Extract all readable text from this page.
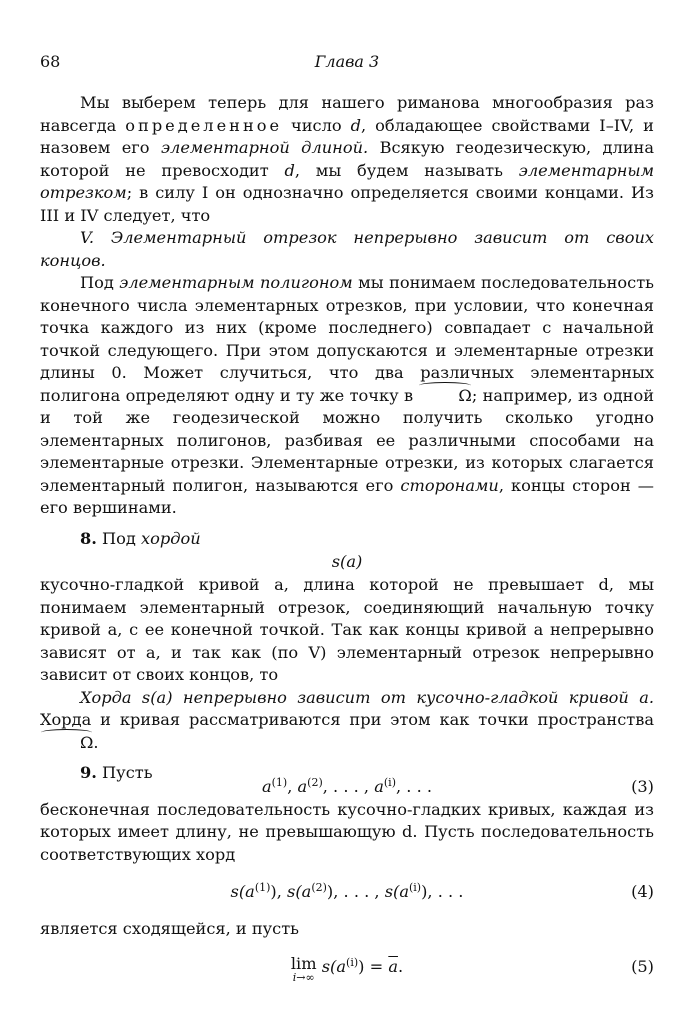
68	Глава 3

Мы выберем теперь для нашего риманова многообразия раз навсегда определенное число d, обладающее свойствами I–IV, и назовем его элементарной длиной. Всякую геодезическую, длина которой не превосходит d, мы будем называть элементарным отрезком; в силу I он однозначно определяется своими концами. Из III и IV следует, что

V. Элементарный отрезок непрерывно зависит от своих концов.

Под элементарным полигоном мы понимаем последовательность конечного числа элементарных отрезков, при условии, что конечная точка каждого из них (кроме последнего) совпадает с начальной точкой следующего. При этом допускаются и элементарные отрезки длины 0. Может случиться, что два различных элементарных полигона определяют одну и ту же точку в Ω; например, из одной и той же геодезической можно получить сколько угодно элементарных полигонов, разбивая ее различными способами на элементарные отрезки. Элементарные отрезки, из которых слагается элементарный полигон, называются его сторонами, концы сторон — его вершинами.

8. Под хордой

s(a)

кусочно-гладкой кривой a, длина которой не превышает d, мы понимаем элементарный отрезок, соединяющий начальную точку кривой a, с ее конечной точкой. Так как концы кривой a непрерывно зависят от a, и так как (по V) элементарный отрезок непрерывно зависит от своих концов, то

Хорда s(a) непрерывно зависит от кусочно-гладкой кривой a. Хорда и кривая рассматриваются при этом как точки пространства Ω.

9. Пусть

$a^{(1)}$, $a^{(2)}$, . . . , $a^{(i)}$, . . .	(3)

бесконечная последовательность кусочно-гладких кривых, каждая из которых имеет длину, не превышающую d. Пусть последовательность соответствующих хорд

$s(a^{(1)})$, $s(a^{(2)})$, . . . , $s(a^{(i)})$, . . .	(4)

является сходящейся, и пусть

lim
i→∞
$s(a^{(i)}) = \overline{a}$.	(5)
